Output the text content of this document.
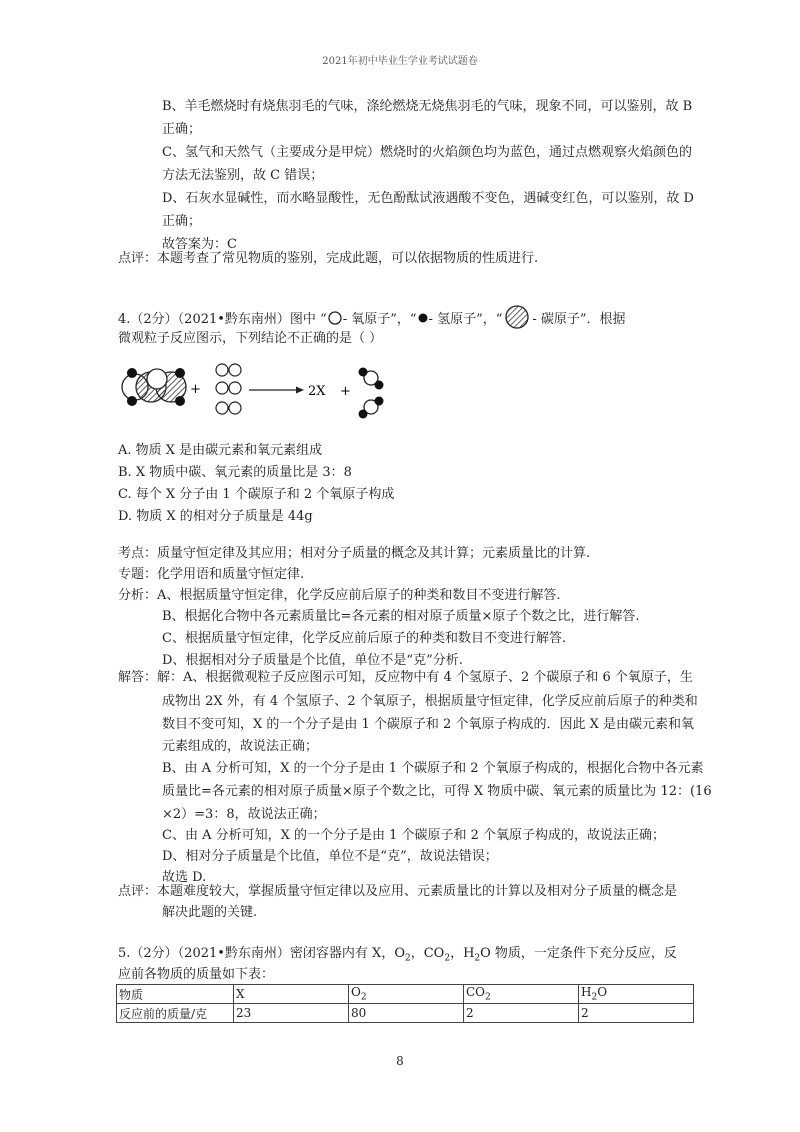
2021年初中毕业生学业考试试题卷
B、羊毛燃烧时有烧焦羽毛的气味，涤纶燃烧无烧焦羽毛的气味，现象不同，可以鉴别，故 B
正确；
C、氢气和天然气（主要成分是甲烷）燃烧时的火焰颜色均为蓝色，通过点燃观察火焰颜色的
方法无法鉴别，故 C 错误；
D、石灰水显碱性，而水略显酸性，无色酚酞试液遇酸不变色，遇碱变红色，可以鉴别，故 D
正确；
故答案为：C
点评：本题考查了常见物质的鉴别，完成此题，可以依据物质的性质进行.
4.（2分）（2021•黔东南州）图中 “ - 氧原子”，“ - 氢原子”，“ - 碳原子”．根据
微观粒子反应图示，下列结论不正确的是（ ）
+	2X +
A. 物质 X 是由碳元素和氧元素组成
B. X 物质中碳、氧元素的质量比是 3：8
C. 每个 X 分子由 1 个碳原子和 2 个氧原子构成
D. 物质 X 的相对分子质量是 44g
考点：质量守恒定律及其应用；相对分子质量的概念及其计算；元素质量比的计算.
专题：化学用语和质量守恒定律.
分析：A、根据质量守恒定律，化学反应前后原子的种类和数目不变进行解答.
B、根据化合物中各元素质量比=各元素的相对原子质量×原子个数之比，进行解答.
C、根据质量守恒定律，化学反应前后原子的种类和数目不变进行解答.
D、根据相对分子质量是个比值，单位不是“克”分析.
解答：解：A、根据微观粒子反应图示可知，反应物中有 4 个氢原子、2 个碳原子和 6 个氧原子，生
成物出 2X 外，有 4 个氢原子、2 个氧原子，根据质量守恒定律，化学反应前后原子的种类和
数目不变可知，X 的一个分子是由 1 个碳原子和 2 个氧原子构成的．因此 X 是由碳元素和氧
元素组成的，故说法正确；
B、由 A 分析可知，X 的一个分子是由 1 个碳原子和 2 个氧原子构成的，根据化合物中各元素
质量比=各元素的相对原子质量×原子个数之比，可得 X 物质中碳、氧元素的质量比为 12：(16
×2）=3：8，故说法正确；
C、由 A 分析可知，X 的一个分子是由 1 个碳原子和 2 个氧原子构成的，故说法正确；
D、相对分子质量是个比值，单位不是“克”，故说法错误；
故选 D.
点评：本题难度较大，掌握质量守恒定律以及应用、元素质量比的计算以及相对分子质量的概念是
解决此题的关键.
5.（2分）（2021•黔东南州）密闭容器内有 X，$O_2$，$CO_2$，$H_2O$ 物质，一定条件下充分反应，反
应前各物质的质量如下表：
物质	X	$O_2$	$CO_2$	$H_2O$
反应前的质量/克	23	80	2	2
8
